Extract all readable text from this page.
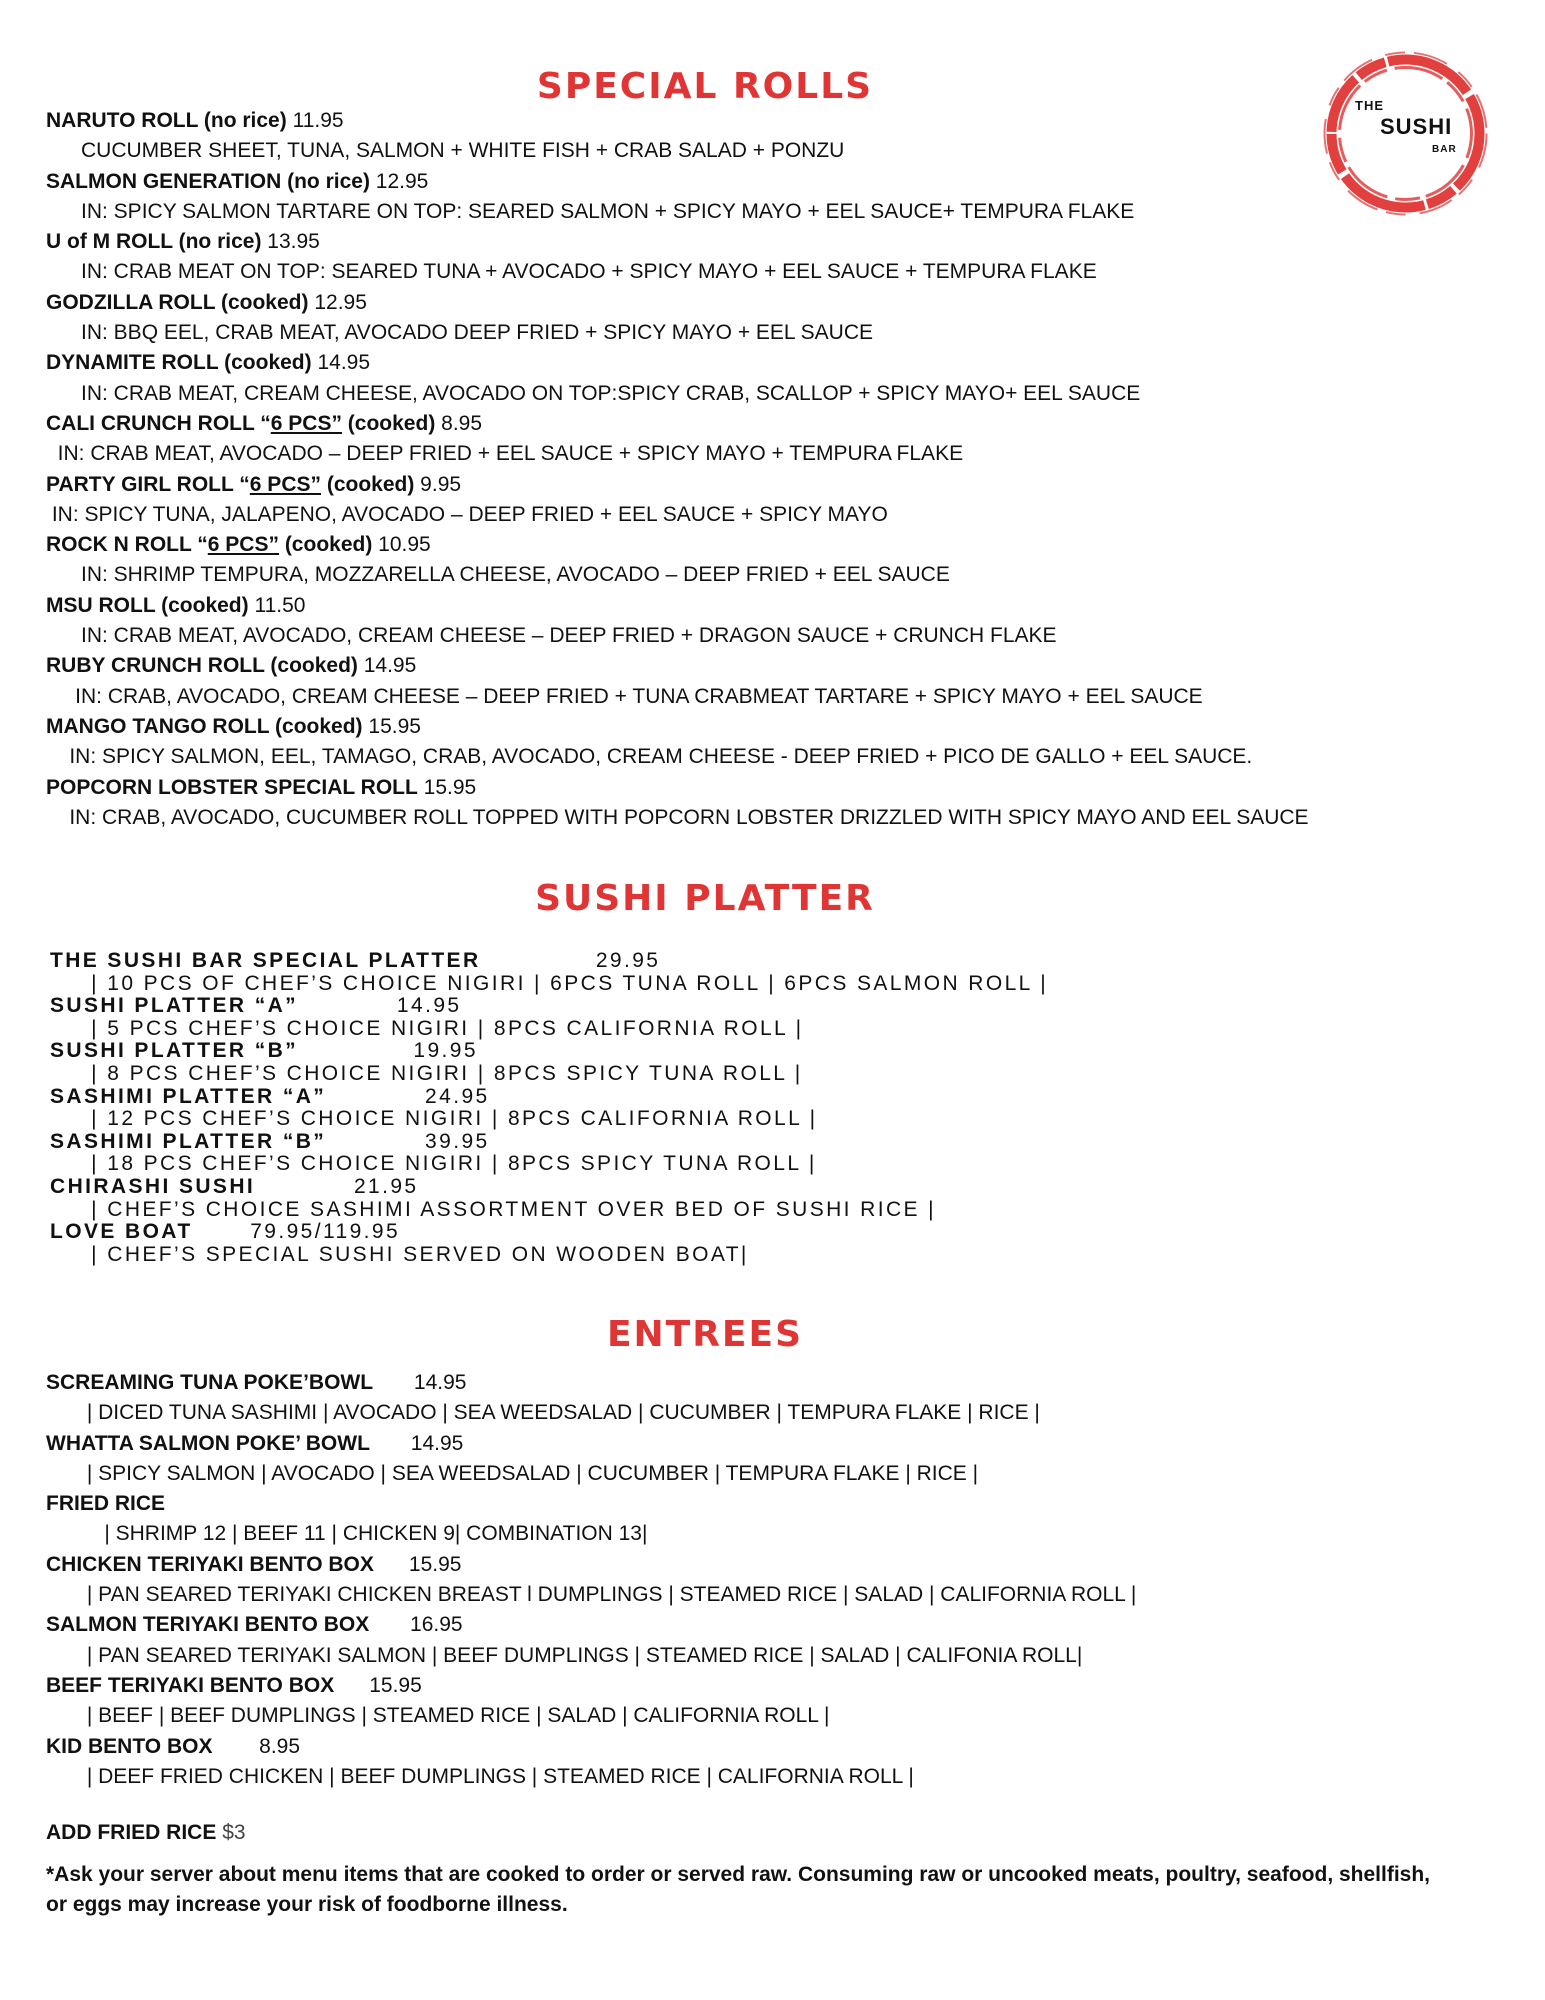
THE
SUSHI
BAR
SPECIAL ROLLS
NARUTO ROLL (no rice) 11.95
CUCUMBER SHEET, TUNA, SALMON + WHITE FISH + CRAB SALAD + PONZU
SALMON GENERATION (no rice) 12.95
IN: SPICY SALMON TARTARE ON TOP: SEARED SALMON + SPICY MAYO + EEL SAUCE+ TEMPURA FLAKE
U of M ROLL (no rice) 13.95
IN: CRAB MEAT ON TOP: SEARED TUNA + AVOCADO + SPICY MAYO + EEL SAUCE + TEMPURA FLAKE
GODZILLA ROLL (cooked) 12.95
IN: BBQ EEL, CRAB MEAT, AVOCADO DEEP FRIED + SPICY MAYO + EEL SAUCE
DYNAMITE ROLL (cooked) 14.95
IN: CRAB MEAT, CREAM CHEESE, AVOCADO ON TOP:SPICY CRAB, SCALLOP + SPICY MAYO+ EEL SAUCE
CALI CRUNCH ROLL “6 PCS” (cooked) 8.95
IN: CRAB MEAT, AVOCADO – DEEP FRIED + EEL SAUCE + SPICY MAYO + TEMPURA FLAKE
PARTY GIRL ROLL “6 PCS” (cooked) 9.95
IN: SPICY TUNA, JALAPENO, AVOCADO – DEEP FRIED + EEL SAUCE + SPICY MAYO
ROCK N ROLL “6 PCS” (cooked) 10.95
IN: SHRIMP TEMPURA, MOZZARELLA CHEESE, AVOCADO – DEEP FRIED + EEL SAUCE
MSU ROLL (cooked) 11.50
IN: CRAB MEAT, AVOCADO, CREAM CHEESE – DEEP FRIED + DRAGON SAUCE + CRUNCH FLAKE
RUBY CRUNCH ROLL (cooked) 14.95
IN: CRAB, AVOCADO, CREAM CHEESE – DEEP FRIED + TUNA CRABMEAT TARTARE + SPICY MAYO + EEL SAUCE
MANGO TANGO ROLL (cooked) 15.95
IN: SPICY SALMON, EEL, TAMAGO, CRAB, AVOCADO, CREAM CHEESE - DEEP FRIED + PICO DE GALLO + EEL SAUCE.
POPCORN LOBSTER SPECIAL ROLL 15.95
IN: CRAB, AVOCADO, CUCUMBER ROLL TOPPED WITH POPCORN LOBSTER DRIZZLED WITH SPICY MAYO AND EEL SAUCE
SUSHI PLATTER
THE SUSHI BAR SPECIAL PLATTER	29.95
| 10 PCS OF CHEF’S CHOICE NIGIRI | 6PCS TUNA ROLL | 6PCS SALMON ROLL |
SUSHI PLATTER “A”	14.95
| 5 PCS CHEF’S CHOICE NIGIRI | 8PCS CALIFORNIA ROLL |
SUSHI PLATTER “B”	19.95
| 8 PCS CHEF’S CHOICE NIGIRI | 8PCS SPICY TUNA ROLL |
SASHIMI PLATTER “A”	24.95
| 12 PCS CHEF’S CHOICE NIGIRI | 8PCS CALIFORNIA ROLL |
SASHIMI PLATTER “B”	39.95
| 18 PCS CHEF’S CHOICE NIGIRI | 8PCS SPICY TUNA ROLL |
CHIRASHI SUSHI	21.95
| CHEF’S CHOICE SASHIMI ASSORTMENT OVER BED OF SUSHI RICE |
LOVE BOAT	79.95/119.95
| CHEF’S SPECIAL SUSHI SERVED ON WOODEN BOAT|
ENTREES
SCREAMING TUNA POKE’BOWL 14.95
| DICED TUNA SASHIMI | AVOCADO | SEA WEEDSALAD | CUCUMBER | TEMPURA FLAKE | RICE |
WHATTA SALMON POKE’ BOWL 14.95
| SPICY SALMON | AVOCADO | SEA WEEDSALAD | CUCUMBER | TEMPURA FLAKE | RICE |
FRIED RICE
| SHRIMP 12 | BEEF 11 | CHICKEN 9| COMBINATION 13|
CHICKEN TERIYAKI BENTO BOX 15.95
| PAN SEARED TERIYAKI CHICKEN BREAST l DUMPLINGS | STEAMED RICE | SALAD | CALIFORNIA ROLL |
SALMON TERIYAKI BENTO BOX 16.95
| PAN SEARED TERIYAKI SALMON | BEEF DUMPLINGS | STEAMED RICE | SALAD | CALIFONIA ROLL|
BEEF TERIYAKI BENTO BOX 15.95
| BEEF | BEEF DUMPLINGS | STEAMED RICE | SALAD | CALIFORNIA ROLL |
KID BENTO BOX 8.95
| DEEF FRIED CHICKEN | BEEF DUMPLINGS | STEAMED RICE | CALIFORNIA ROLL |
ADD FRIED RICE $3
*Ask your server about menu items that are cooked to order or served raw. Consuming raw or uncooked meats, poultry, seafood, shellfish, or eggs may increase your risk of foodborne illness.
